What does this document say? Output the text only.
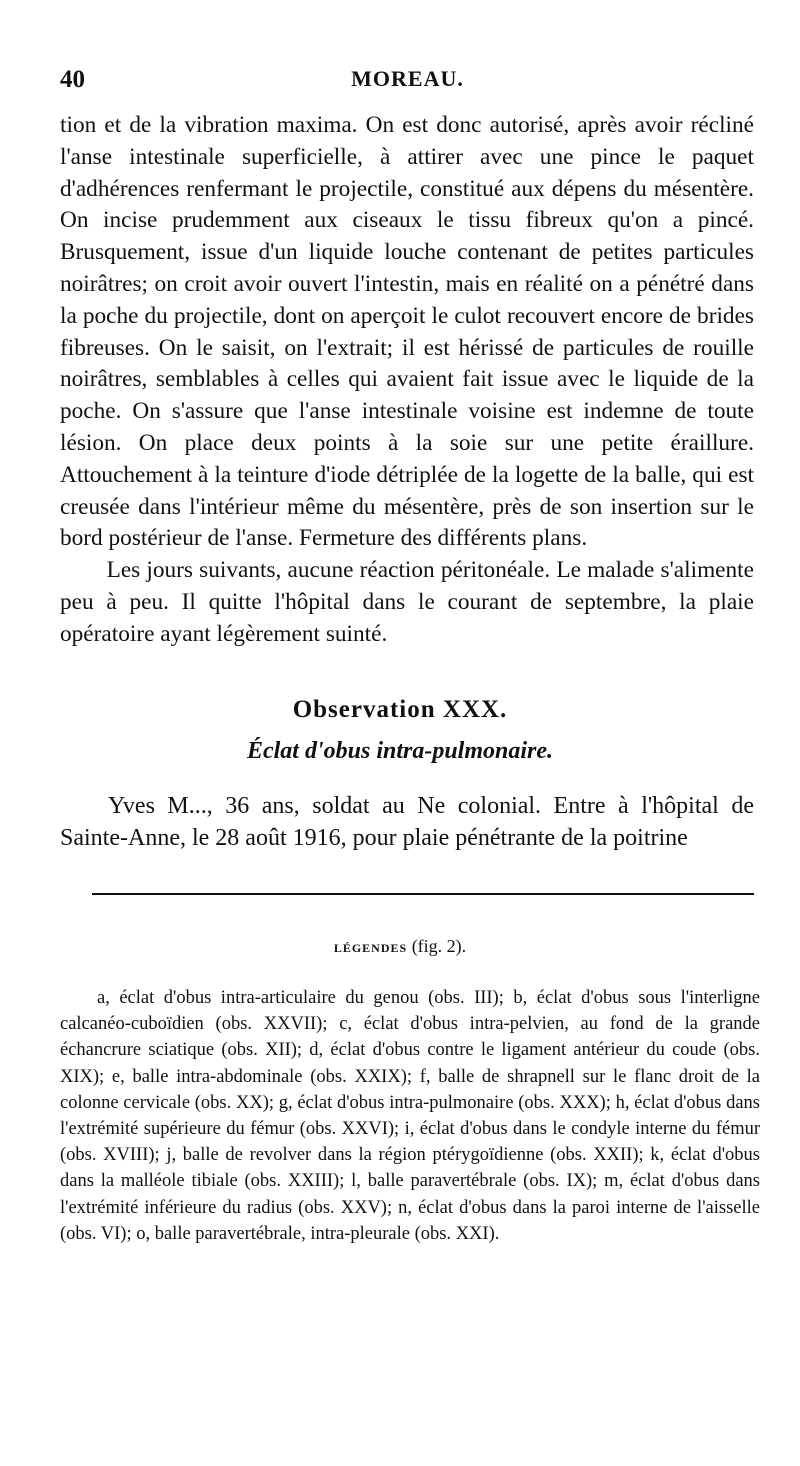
40	MOREAU.

tion et de la vibration maxima. On est donc autorisé, après avoir récliné l'anse intestinale superficielle, à attirer avec une pince le paquet d'adhérences renfermant le projectile, constitué aux dépens du mésentère. On incise prudemment aux ciseaux le tissu fibreux qu'on a pincé. Brusquement, issue d'un liquide louche contenant de petites particules noirâtres; on croit avoir ouvert l'intestin, mais en réalité on a pénétré dans la poche du projectile, dont on aperçoit le culot recouvert encore de brides fibreuses. On le saisit, on l'extrait; il est hérissé de particules de rouille noirâtres, semblables à celles qui avaient fait issue avec le liquide de la poche. On s'assure que l'anse intestinale voisine est indemne de toute lésion. On place deux points à la soie sur une petite éraillure. Attouchement à la teinture d'iode détriplée de la logette de la balle, qui est creusée dans l'intérieur même du mésentère, près de son insertion sur le bord postérieur de l'anse. Fermeture des différents plans.

Les jours suivants, aucune réaction péritonéale. Le malade s'alimente peu à peu. Il quitte l'hôpital dans le courant de septembre, la plaie opératoire ayant légèrement suinté.

Observation XXX.
Éclat d'obus intra-pulmonaire.
Yves M..., 36 ans, soldat au Ne colonial. Entre à l'hôpital de Sainte-Anne, le 28 août 1916, pour plaie pénétrante de la poitrine
LÉGENDES (fig. 2).
a, éclat d'obus intra-articulaire du genou (obs. III); b, éclat d'obus sous l'interligne calcanéo-cuboïdien (obs. XXVII); c, éclat d'obus intra-pelvien, au fond de la grande échancrure sciatique (obs. XII); d, éclat d'obus contre le ligament antérieur du coude (obs. XIX); e, balle intra-abdominale (obs. XXIX); f, balle de shrapnell sur le flanc droit de la colonne cervicale (obs. XX); g, éclat d'obus intra-pulmonaire (obs. XXX); h, éclat d'obus dans l'extrémité supérieure du fémur (obs. XXVI); i, éclat d'obus dans le condyle interne du fémur (obs. XVIII); j, balle de revolver dans la région ptérygoïdienne (obs. XXII); k, éclat d'obus dans la malléole tibiale (obs. XXIII); l, balle paravertébrale (obs. IX); m, éclat d'obus dans l'extrémité inférieure du radius (obs. XXV); n, éclat d'obus dans la paroi interne de l'aisselle (obs. VI); o, balle paravertébrale, intra-pleurale (obs. XXI).
